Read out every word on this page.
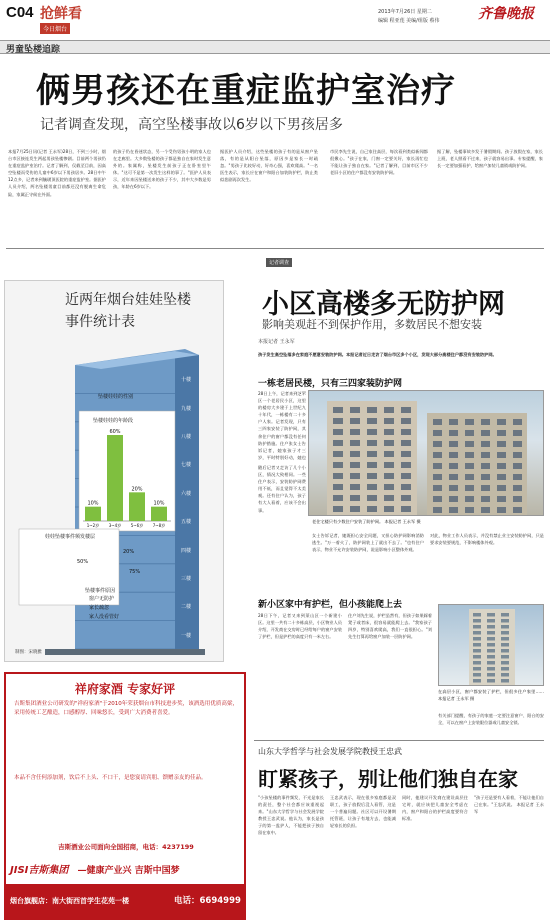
C04 抢鲜看
今日烟台
2013年7月26日 星期二
编辑 程亚莲 美编/组版 蔡伟	齐鲁晚报
男童坠楼追踪
俩男孩还在重症监护室治疗
记者调查发现，高空坠楼事故以6岁以下男孩居多
本报7月25日讯(记者 王永军)28日，不到三小时，烟台市区接连发生两起男孩坠楼惨剧。目前两个男孩仍在重症监护室治疗。记者了解到，仅截至目前，因高空坠楼而受伤的儿童中6岁以下男孩居多。28日中午12点多，记者来到毓璜顶医院的重症监护室。据医护人员介绍，两名坠楼男童目前都还没有脱离生命危险，家属正守候在外面。
的孩子仍在昏迷状态，另一个受伤男孩小明的家人也在走廊里。大多数坠楼的孩子都是独自在家时发生意外的。家属称，坠楼发生前孩子正在卧室里午休。"这可不是第一次发生这样的事了。"医护人员表示，近年来因坠楼送来的孩子不少，其中大多数是男孩，年龄在6岁以下。
据医护人员介绍，这些坠楼的孩子有的是从窗户坠落，有的是从阳台坠落，原因多是家长一时疏忽。"男孩子比较好动，好奇心强，喜欢爬高。"一名医生表示，家长应在窗户和阳台加装防护栏，防止类似悲剧再次发生。
市民李先生说，自己家住高层，每次看到类似新闻都很揪心。"孩子在家，门窗一定要关好，家长再忙也不能让孩子独自在家。"记者了解到，目前市区不少老旧小区的住户都没有安装防护网。
据了解，坠楼事故多发于暑假期间。孩子放假在家，家长上班，老人照看不过来，孩子就容易出事。专家提醒，家长一定要加强看护，给窗户加装儿童锁或防护网。
近两年烟台娃娃坠楼事件统计表
10%
1~2岁
60%
3~4岁
20%
5~6岁
10%
7~8岁
十楼
九楼
八楼
七楼
六楼
五楼
四楼
三楼
二楼
一楼
坠楼娃娃的性别
坠楼娃娃的年龄段
娃娃坠楼事件频发楼层
50%
20%
75%
坠楼事件原因
窗户无防护
家长疏忽
家人没看管好
制图：宋晓雅
记者调查
小区高楼多无防护网
影响美观赶不到保护作用，多数居民不想安装
本报记者 王永军
孩子发生高空坠落多在家庭不愿意安装防护网。本报记者近日走访了烟台市区多个小区，发现大部分高楼住户都没有安装防护网。
一栋老居民楼，只有三四家装防护网
28日上午，记者来到芝罘区一个老居民小区，这里的楼房大多建于上世纪九十年代，一栋楼有二十多户人家。记者发现，只有三四家安装了防护网，其余住户的窗户都没有任何防护措施。住户张女士告诉记者，她家孩子才三岁，平时特别好动，她也
随后记者又走访了几个小区，情况大致相同。一些住户表示，安装防护网费用不低，而且觉得不太美观。还有住户认为，孩子有大人看着，应该不会出事。
老住宅楼只有少数住户安装了防护网。 本报记者 王永军 摄
女士告诉记者，她既担心安全问题，又担心防护网影响消防逃生。"万一着火了，防护网装上了就出不去了。"也有住户表示，物业不允许安装防护网，说是影响小区整体外观。
对此，物业工作人员表示，并没有禁止业主安装防护网，只是要求安装要规范，不影响楼体外观。
新小区家中有护栏，但小孩能爬上去
28日下午，记者又来到莱山区一个新建小区。这里一共有二十多栋高层，小区物业人员介绍，开发商在交房时已经给每户的窗户安装了护栏，但是护栏的高度只有一米左右。
住户刘先生说，护栏虽然有，但孩子如果踩着凳子或者床，很容易就能爬上去。"我家孩子四岁，特别喜欢爬高，我们一直很担心。"刘先生打算再给窗户加装一层防护网。
在高层小区，窗户都安装了护栏，但很多住户家里…… 本报记者 王永军 摄
有关部门提醒，有孩子的家庭一定要注意窗户、阳台的安全，可以在窗户上安装限位器或儿童安全锁。
祥府家酒 专家好评
吉斯集团酒业公司研发的"祥府家酒"于2010年荣获烟台市科技进步奖，该酒选用优质高粱，采用传统工艺酿造，口感醇厚、回味悠长，受到广大消费者喜爱。
本品不含任何添加剂，饮后不上头、不口干，是您宴请宾朋、馈赠亲友的佳品。
吉斯酒业公司面向全国招商，电话：4237199
JISI吉斯集团 —健康产业兴 吉斯中国梦
烟台旗舰店：南大街西首学生花苑一楼	电话：6694999
山东大学哲学与社会发展学院教授王忠武
盯紧孩子，别让他们独自在家
"小孩坠楼的事件频发，不光是家长的责任，整个社会都应该重视起来。"山东大学哲学与社会发展学院教授王忠武说。他认为，家长是孩子的第一监护人，不能把孩子独自留在家中。
王忠武表示，现在很多家庭都是双职工，孩子放假后没人看管，这是一个普遍问题。社区可以开设暑期托管班，让孩子有地方去，也能减轻家长的负担。
同时，他建议开发商在建设高层住宅时，就应该把儿童安全考虑在内，窗户和阳台的护栏高度要符合标准。
"孩子还是要有人看着，不能让他们自己在家。"王忠武说。 本报记者 王永军
